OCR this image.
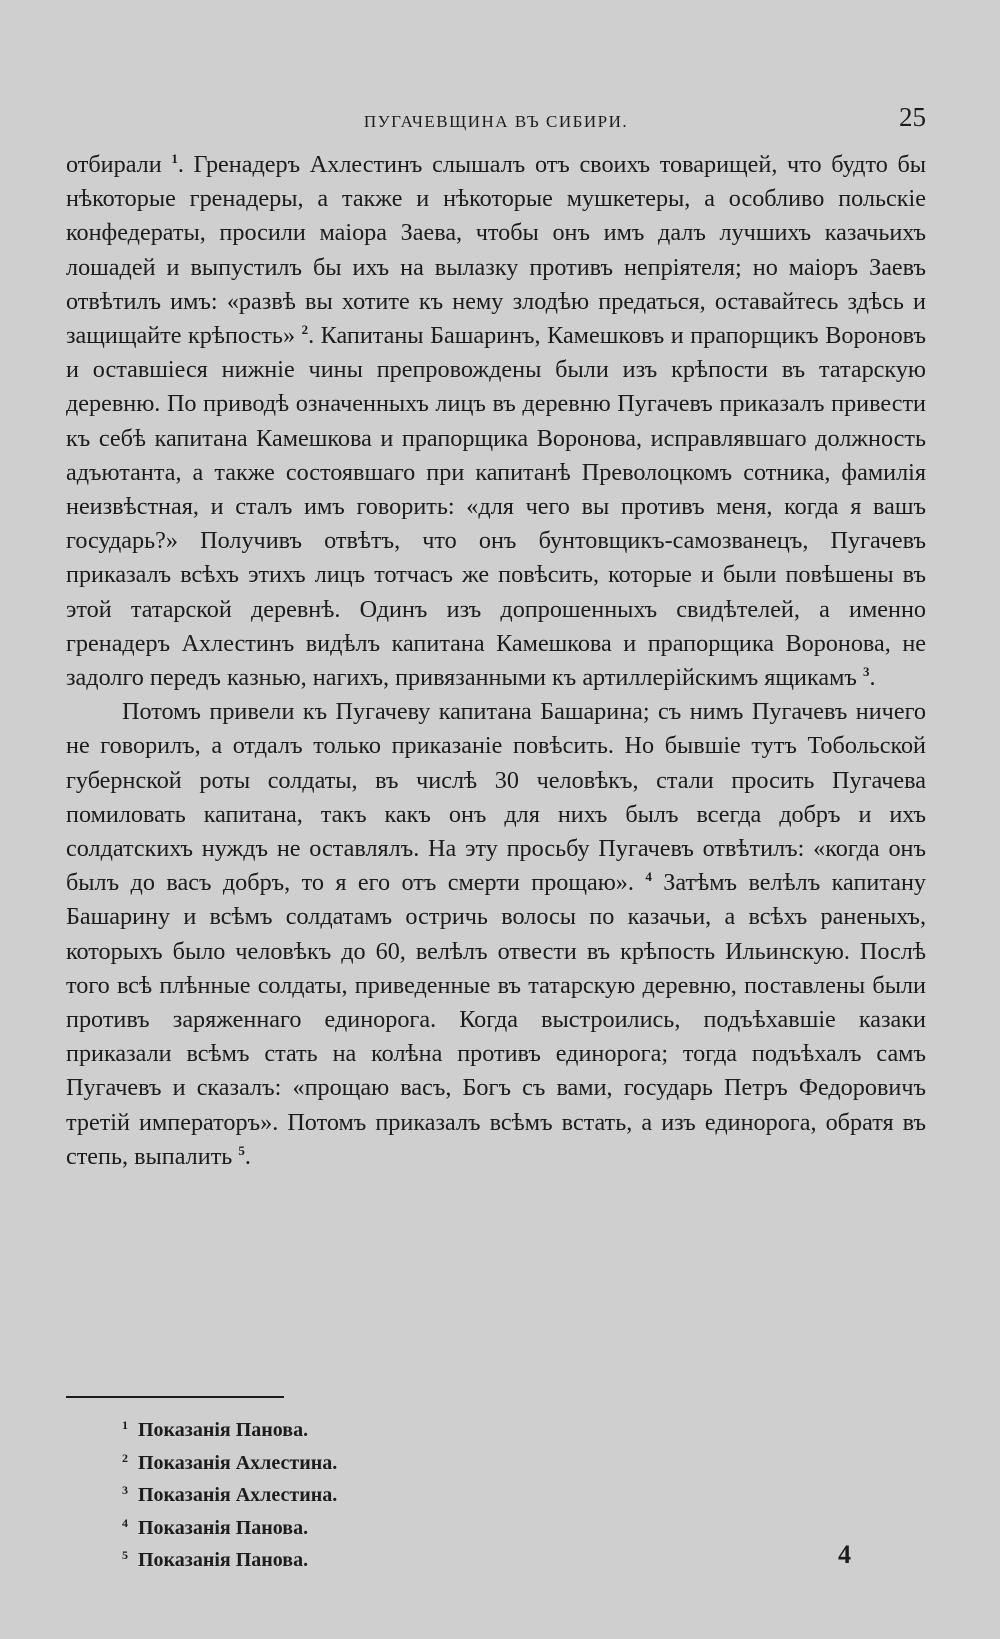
ПУГАЧЕВЩИНА ВЪ СИБИРИ.	25

отбирали $^1$. Гренадеръ Ахлестинъ слышалъ отъ своихъ товарищей, что будто бы нѣкоторые гренадеры, а также и нѣкоторые мушкетеры, а особливо польскіе конфедераты, просили маіора Заева, чтобы онъ имъ далъ лучшихъ казачьихъ лошадей и выпустилъ бы ихъ на вылазку противъ непріятеля; но маіоръ Заевъ отвѣтилъ имъ: «развѣ вы хотите къ нему злодѣю предаться, оставайтесь здѣсь и защищайте крѣпость» $^2$. Капитаны Башаринъ, Камешковъ и прапорщикъ Вороновъ и оставшіеся нижніе чины препровождены были изъ крѣпости въ татарскую деревню. По приводѣ означенныхъ лицъ въ деревню Пугачевъ приказалъ привести къ себѣ капитана Камешкова и прапорщика Воронова, исправлявшаго должность адъютанта, а также состоявшаго при капитанѣ Преволоцкомъ сотника, фамилія неизвѣстная, и сталъ имъ говорить: «для чего вы противъ меня, когда я вашъ государь?» Получивъ отвѣтъ, что онъ бунтовщикъ-самозванецъ, Пугачевъ приказалъ всѣхъ этихъ лицъ тотчасъ же повѣсить, которые и были повѣшены въ этой татарской деревнѣ. Одинъ изъ допрошенныхъ свидѣтелей, а именно гренадеръ Ахлестинъ видѣлъ капитана Камешкова и прапорщика Воронова, не задолго передъ казнью, нагихъ, привязанными къ артиллерійскимъ ящикамъ $^3$.

Потомъ привели къ Пугачеву капитана Башарина; съ нимъ Пугачевъ ничего не говорилъ, а отдалъ только приказаніе повѣсить. Но бывшіе тутъ Тобольской губернской роты солдаты, въ числѣ 30 человѣкъ, стали просить Пугачева помиловать капитана, такъ какъ онъ для нихъ былъ всегда добръ и ихъ солдатскихъ нуждъ не оставлялъ. На эту просьбу Пугачевъ отвѣтилъ: «когда онъ былъ до васъ добръ, то я его отъ смерти прощаю». $^4$ Затѣмъ велѣлъ капитану Башарину и всѣмъ солдатамъ остричь волосы по казачьи, а всѣхъ раненыхъ, которыхъ было человѣкъ до 60, велѣлъ отвести въ крѣпость Ильинскую. Послѣ того всѣ плѣнные солдаты, приведенные въ татарскую деревню, поставлены были противъ заряженнаго единорога. Когда выстроились, подъѣхавшіе казаки приказали всѣмъ стать на колѣна противъ единорога; тогда подъѣхалъ самъ Пугачевъ и сказалъ: «прощаю васъ, Богъ съ вами, государь Петръ Федоровичъ третій императоръ». Потомъ приказалъ всѣмъ встать, а изъ единорога, обратя въ степь, выпалить $^5$.

1 Показанія Панова.
2 Показанія Ахлестина.
3 Показанія Ахлестина.
4 Показанія Панова.
5 Показанія Панова.	4
